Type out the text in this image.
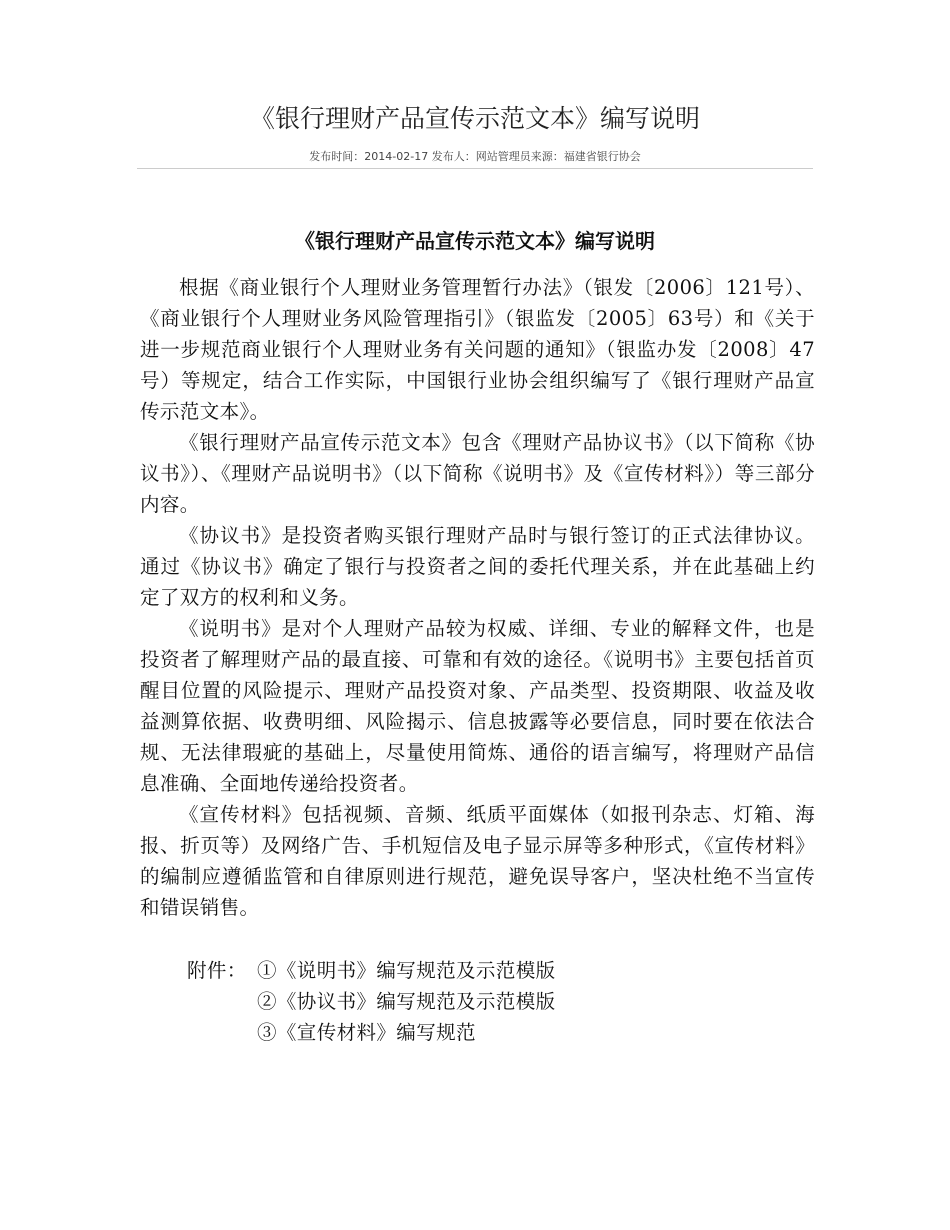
《银行理财产品宣传示范文本》编写说明
发布时间：2014-02-17 发布人：网站管理员来源：福建省银行协会
《银行理财产品宣传示范文本》编写说明

根据《商业银行个人理财业务管理暂行办法》（银发〔2006〕121号）、《商业银行个人理财业务风险管理指引》（银监发〔2005〕63号）和《关于进一步规范商业银行个人理财业务有关问题的通知》（银监办发〔2008〕47号）等规定，结合工作实际，中国银行业协会组织编写了《银行理财产品宣传示范文本》。

《银行理财产品宣传示范文本》包含《理财产品协议书》（以下简称《协议书》）、《理财产品说明书》（以下简称《说明书》及《宣传材料》）等三部分内容。

《协议书》是投资者购买银行理财产品时与银行签订的正式法律协议。通过《协议书》确定了银行与投资者之间的委托代理关系，并在此基础上约定了双方的权利和义务。

《说明书》是对个人理财产品较为权威、详细、专业的解释文件，也是投资者了解理财产品的最直接、可靠和有效的途径。《说明书》主要包括首页醒目位置的风险提示、理财产品投资对象、产品类型、投资期限、收益及收益测算依据、收费明细、风险揭示、信息披露等必要信息，同时要在依法合规、无法律瑕疵的基础上，尽量使用简炼、通俗的语言编写，将理财产品信息准确、全面地传递给投资者。

《宣传材料》包括视频、音频、纸质平面媒体（如报刊杂志、灯箱、海报、折页等）及网络广告、手机短信及电子显示屏等多种形式，《宣传材料》的编制应遵循监管和自律原则进行规范，避免误导客户，坚决杜绝不当宣传和错误销售。

附件： ①《说明书》编写规范及示范模版
②《协议书》编写规范及示范模版
③《宣传材料》编写规范
